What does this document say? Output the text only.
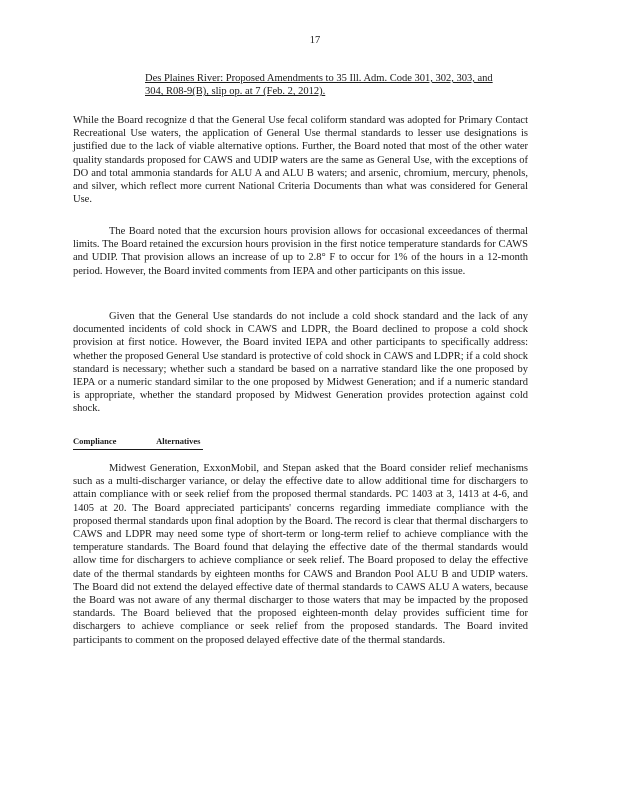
17

Des Plaines River: Proposed Amendments to 35 Ill. Adm. Code 301, 302, 303, and 304, R08-9(B), slip op. at 7 (Feb. 2, 2012).

While the Board recognize d that the General Use fecal coliform standard was adopted for Primary Contact Recreational Use waters, the application of General Use thermal standards to lesser use designations is justified due to the lack of viable alternative options. Further, the Board noted that most of the other water quality standards proposed for CAWS and UDIP waters are the same as General Use, with the exceptions of DO and total ammonia standards for ALU A and ALU B waters; and arsenic, chromium, mercury, phenols, and silver, which reflect more current National Criteria Documents than what was considered for General Use.

The Board noted that the excursion hours provision allows for occasional exceedances of thermal limits. The Board retained the excursion hours provision in the first notice temperature standards for CAWS and UDIP. That provision allows an increase of up to 2.8° F to occur for 1% of the hours in a 12-month period. However, the Board invited comments from IEPA and other participants on this issue.

Given that the General Use standards do not include a cold shock standard and the lack of any documented incidents of cold shock in CAWS and LDPR, the Board declined to propose a cold shock provision at first notice. However, the Board invited IEPA and other participants to specifically address: whether the proposed General Use standard is protective of cold shock in CAWS and LDPR; if a cold shock standard is necessary; whether such a standard be based on a narrative standard like the one proposed by IEPA or a numeric standard similar to the one proposed by Midwest Generation; and if a numeric standard is appropriate, whether the standard proposed by Midwest Generation provides protection against cold shock.

Compliance Alternatives

Midwest Generation, ExxonMobil, and Stepan asked that the Board consider relief mechanisms such as a multi-discharger variance, or delay the effective date to allow additional time for dischargers to attain compliance with or seek relief from the proposed thermal standards. PC 1403 at 3, 1413 at 4-6, and 1405 at 20. The Board appreciated participants' concerns regarding immediate compliance with the proposed thermal standards upon final adoption by the Board. The record is clear that thermal dischargers to CAWS and LDPR may need some type of short-term or long-term relief to achieve compliance with the temperature standards. The Board found that delaying the effective date of the thermal standards would allow time for dischargers to achieve compliance or seek relief. The Board proposed to delay the effective date of the thermal standards by eighteen months for CAWS and Brandon Pool ALU B and UDIP waters. The Board did not extend the delayed effective date of thermal standards to CAWS ALU A waters, because the Board was not aware of any thermal discharger to those waters that may be impacted by the proposed standards. The Board believed that the proposed eighteen-month delay provides sufficient time for dischargers to achieve compliance or seek relief from the proposed standards. The Board invited participants to comment on the proposed delayed effective date of the thermal standards.
